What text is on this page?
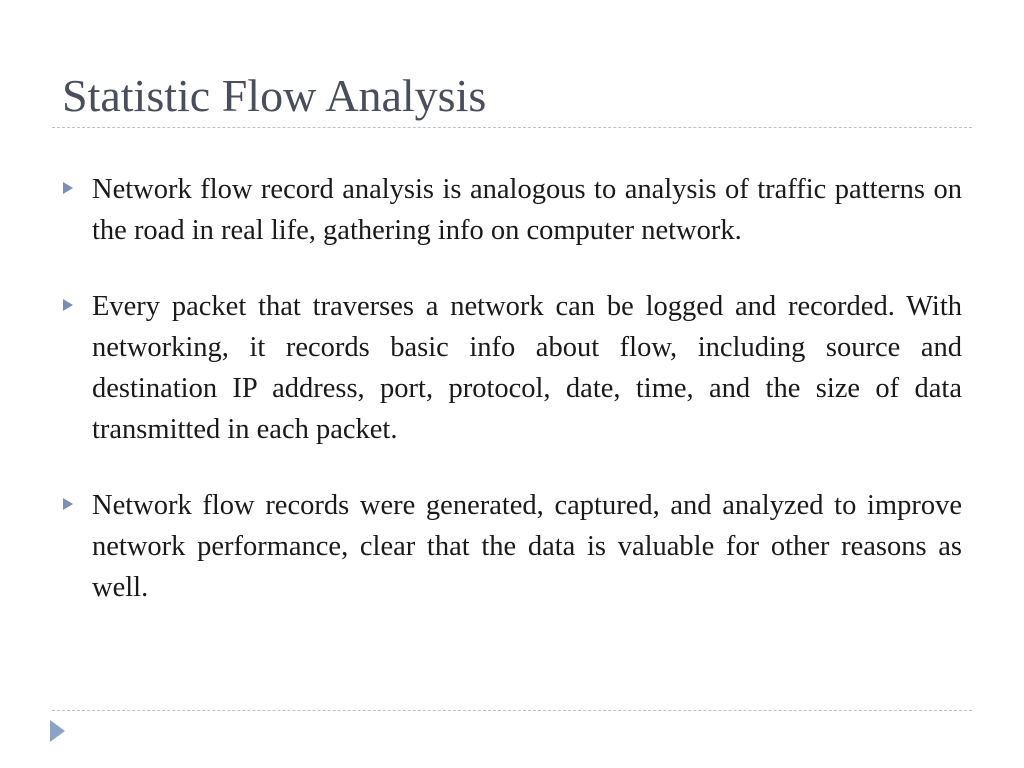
Statistic Flow Analysis
Network flow record analysis is analogous to analysis of traffic patterns on the road in real life, gathering info on computer network.
Every packet that traverses a network can be logged and recorded. With networking, it records basic info about flow, including source and destination IP address, port, protocol, date, time, and the size of data transmitted in each packet.
Network flow records were generated, captured, and analyzed to improve network performance, clear that the data is valuable for other reasons as well.
